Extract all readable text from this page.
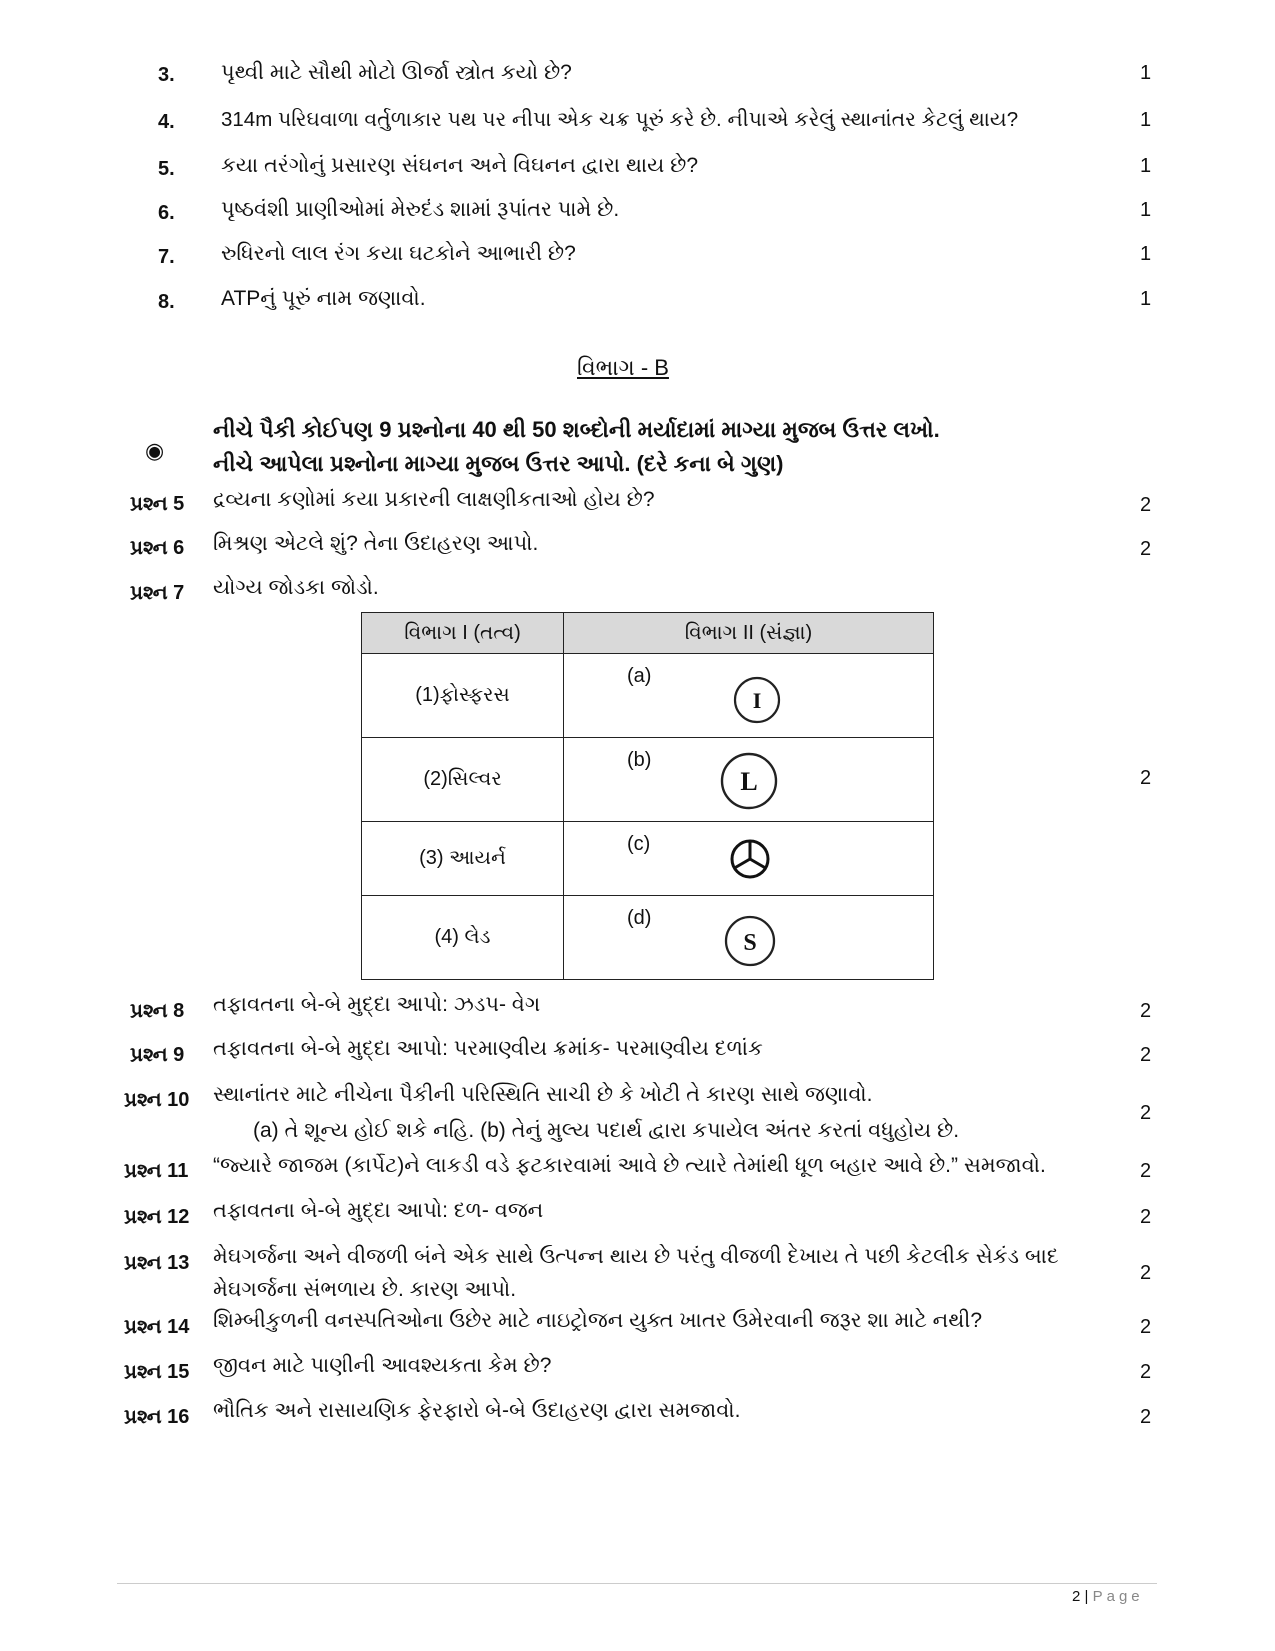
3. પૃથ્વી માટે સૌથી મોટો ઊર્જા સ્ત્રોત કયો છે?	1
4. 314m પરિઘવાળા વર્તુળાકાર પથ પર નીપા એક ચક્ર પૂરું કરે છે. નીપાએ કરેલું સ્થાનાંતર કેટલું થાય?	1
5. કયા તરંગોનું પ્રસારણ સંઘનન અને વિઘનન દ્વારા થાય છે?	1
6. પૃષ્ઠવંશી પ્રાણીઓમાં મેરુદંડ શામાં રૂપાંતર પામે છે.	1
7. રુધિરનો લાલ રંગ કયા ઘટકોને આભારી છે?	1
8. ATPનું પૂરું નામ જણાવો.	1
વિભાગ - B
◉
નીચે પૈકી કોઈપણ 9 પ્રશ્નોના 40 થી 50 શબ્દોની મર્યાદામાં માગ્યા મુજબ ઉત્તર લખો.
નીચે આપેલા પ્રશ્નોના માગ્યા મુજબ ઉત્તર આપો. (દરે કના બે ગુણ)
પ્રશ્ન 5 દ્રવ્યના કણોમાં કયા પ્રકારની લાક્ષણીકતાઓ હોય છે?	2
પ્રશ્ન 6 મિશ્રણ એટલે શું? તેના ઉદાહરણ આપો.	2
પ્રશ્ન 7 યોગ્ય જોડકા જોડો.
2
વિભાગ I (તત્વ)	વિભાગ II (સંજ્ઞા)
(1)ફોસ્ફરસ	(a)
I

(2)સિલ્વર	(b)
L

(3) આયર્ન	(c)

(4) લેડ	(d)
S
પ્રશ્ન 8 તફાવતના બે-બે મુદ્દા આપો: ઝડપ- વેગ	2
પ્રશ્ન 9 તફાવતના બે-બે મુદ્દા આપો: પરમાણ્વીય ક્રમાંક- પરમાણ્વીય દળાંક	2
પ્રશ્ન 10 સ્થાનાંતર માટે નીચેના પૈકીની પરિસ્થિતિ સાચી છે કે ખોટી તે કારણ સાથે જણાવો.
(a) તે શૂન્ય હોઈ શકે નહિ. (b) તેનું મુલ્ય પદાર્થ દ્વારા કપાયેલ અંતર કરતાં વધુહોય છે.
2
પ્રશ્ન 11 “જ્યારે જાજમ (કાર્પેટ)ને લાકડી વડે ફટકારવામાં આવે છે ત્યારે તેમાંથી ધૂળ બહાર આવે છે.” સમજાવો.	2
પ્રશ્ન 12 તફાવતના બે-બે મુદ્દા આપો: દળ- વજન	2
પ્રશ્ન 13 મેઘગર્જના અને વીજળી બંને એક સાથે ઉત્પન્ન થાય છે પરંતુ વીજળી દેખાય તે પછી કેટલીક સેકંડ બાદ
મેઘગર્જના સંભળાય છે. કારણ આપો.
2
પ્રશ્ન 14 શિમ્બીકુળની વનસ્પતિઓના ઉછેર માટે નાઇટ્રોજન યુક્ત ખાતર ઉમેરવાની જરૂર શા માટે નથી?	2
પ્રશ્ન 15 જીવન માટે પાણીની આવશ્યકતા કેમ છે?	2
પ્રશ્ન 16 ભૌતિક અને રાસાયણિક ફેરફારો બે-બે ઉદાહરણ દ્વારા સમજાવો.	2
2 | Page
